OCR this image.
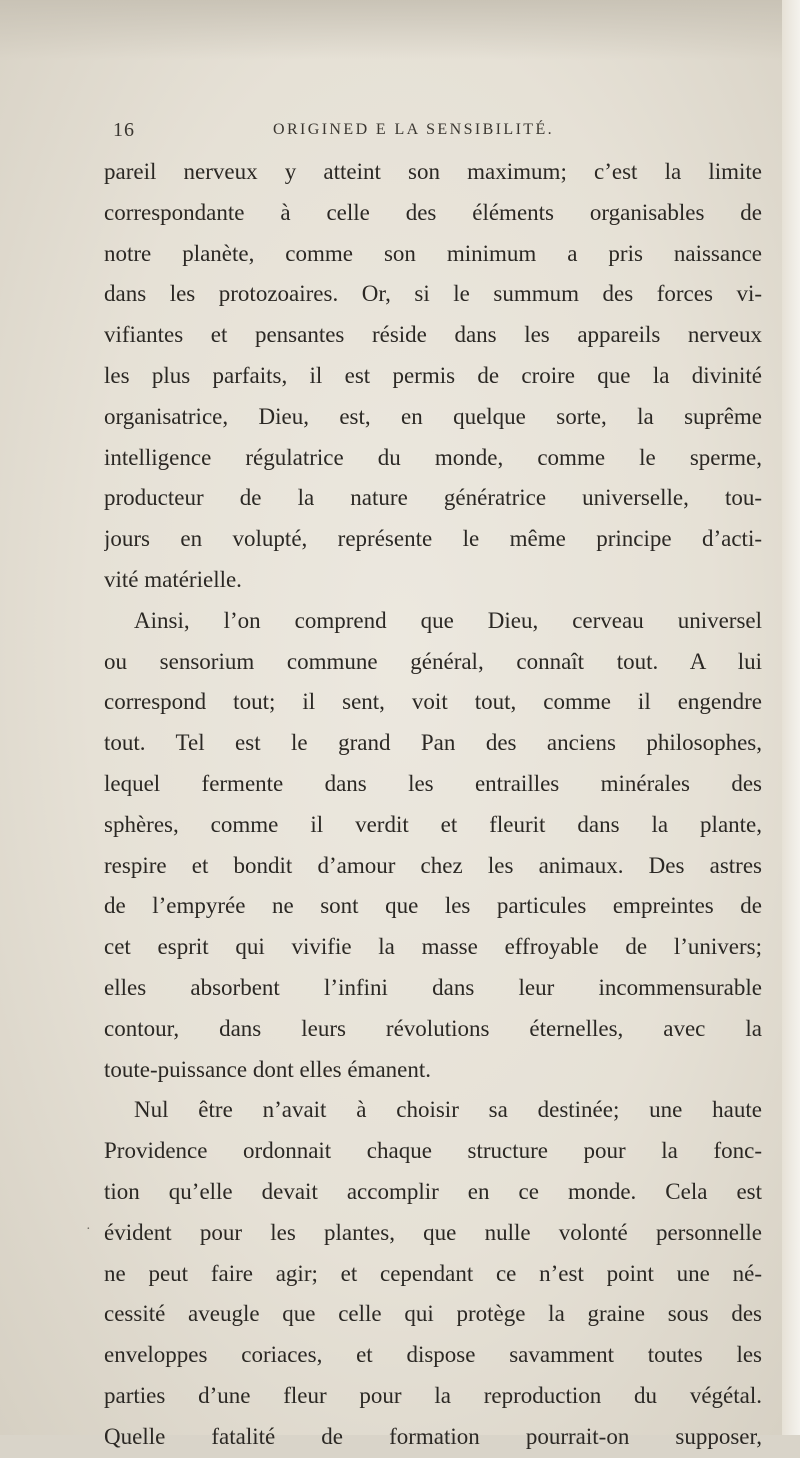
16	ORIGINED E LA SENSIBILITÉ.
pareil nerveux y atteint son maximum; c’est la limite
correspondante à celle des éléments organisables de
notre planète, comme son minimum a pris naissance
dans les protozoaires. Or, si le summum des forces vi-
vifiantes et pensantes réside dans les appareils nerveux
les plus parfaits, il est permis de croire que la divinité
organisatrice, Dieu, est, en quelque sorte, la suprême
intelligence régulatrice du monde, comme le sperme,
producteur de la nature génératrice universelle, tou-
jours en volupté, représente le même principe d’acti-
vité matérielle.
Ainsi, l’on comprend que Dieu, cerveau universel
ou sensorium commune général, connaît tout. A lui
correspond tout; il sent, voit tout, comme il engendre
tout. Tel est le grand Pan des anciens philosophes,
lequel fermente dans les entrailles minérales des
sphères, comme il verdit et fleurit dans la plante,
respire et bondit d’amour chez les animaux. Des astres
de l’empyrée ne sont que les particules empreintes de
cet esprit qui vivifie la masse effroyable de l’univers;
elles absorbent l’infini dans leur incommensurable
contour, dans leurs révolutions éternelles, avec la
toute-puissance dont elles émanent.
Nul être n’avait à choisir sa destinée; une haute
Providence ordonnait chaque structure pour la fonc-
tion qu’elle devait accomplir en ce monde. Cela est
évident pour les plantes, que nulle volonté personnelle
ne peut faire agir; et cependant ce n’est point une né-
cessité aveugle que celle qui protège la graine sous des
enveloppes coriaces, et dispose savamment toutes les
parties d’une fleur pour la reproduction du végétal.
Quelle fatalité de formation pourrait-on supposer,
·
